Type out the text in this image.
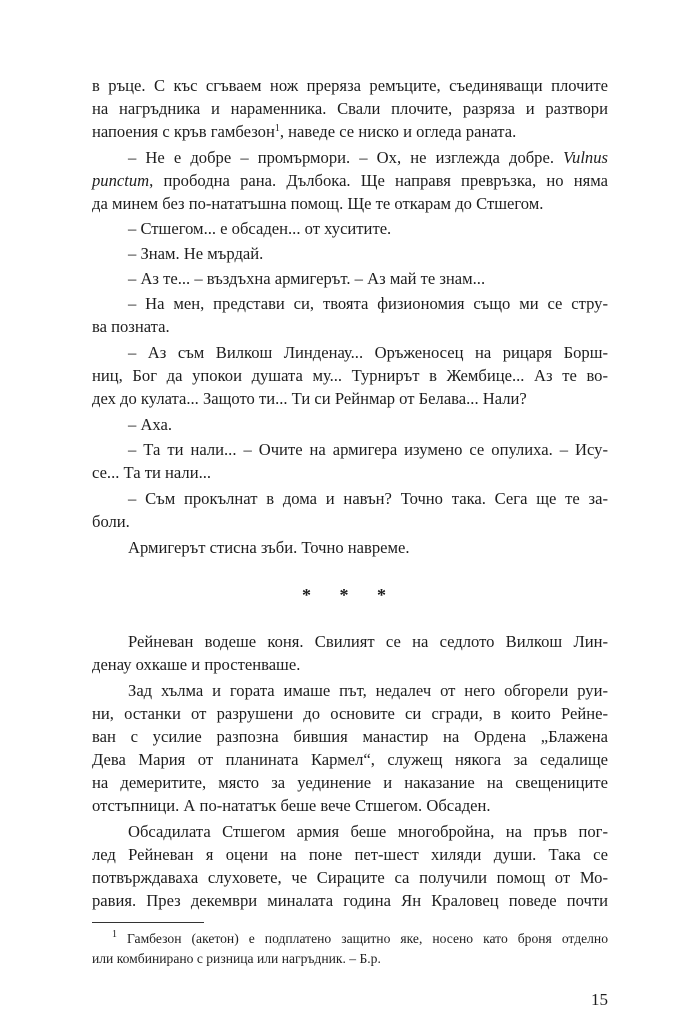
в ръце. С къс сгъваем нож прерязa ремъците, съединяващи плочите
на нагръдника и нараменника. Свали плочите, разряза и разтвори
напоения с кръв гамбезон$^1$, наведе се ниско и огледа раната.
– Не е добре – промърмори. – Ох, не изглежда добре. Vulnus
punctum, прободна рана. Дълбока. Ще направя превръзка, но няма
да минем без по-нататъшна помощ. Ще те откарам до Стшегом.
– Стшегом... е обсаден... от хуситите.
– Знам. Не мърдай.
– Аз те... – въздъхна армигерът. – Аз май те знам...
– На мен, представи си, твоята физиономия също ми се стру-
ва позната.
– Аз съм Вилкош Линденау... Оръженосец на рицаря Борш-
ниц, Бог да упокои душата му... Турнирът в Жембице... Аз те во-
дех до кулата... Защото ти... Ти си Рейнмар от Белава... Нали?
– Аха.
– Та ти нали... – Очите на армигера изумено се опулиха. – Ису-
се... Та ти нали...
– Съм прокълнат в дома и навън? Точно така. Сега ще те за-
боли.
Армигерът стисна зъби. Точно навреме.
* * *
Рейневан водеше коня. Свилият се на седлото Вилкош Лин-
денау охкаше и простенваше.
Зад хълма и гората имаше път, недалеч от него обгорели руи-
ни, останки от разрушени до основите си сгради, в които Рейне-
ван с усилие разпозна бившия манастир на Ордена „Блажена
Дева Мария от планината Кармел“, служещ някога за седалище
на демеритите, място за уединение и наказание на свещениците
отстъпници. А по-нататък беше вече Стшегом. Обсаден.
Обсадилата Стшегом армия беше многобройна, на пръв пог-
лед Рейневан я оцени на поне пет-шест хиляди души. Така се
потвърждаваха слуховете, че Сираците са получили помощ от Мо-
равия. През декември миналата година Ян Краловец поведе почти
$^1$ Гамбезон (акетон) е подплатено защитно яке, носено като броня отделно
или комбинирано с ризница или нагръдник. – Б.р.
15
